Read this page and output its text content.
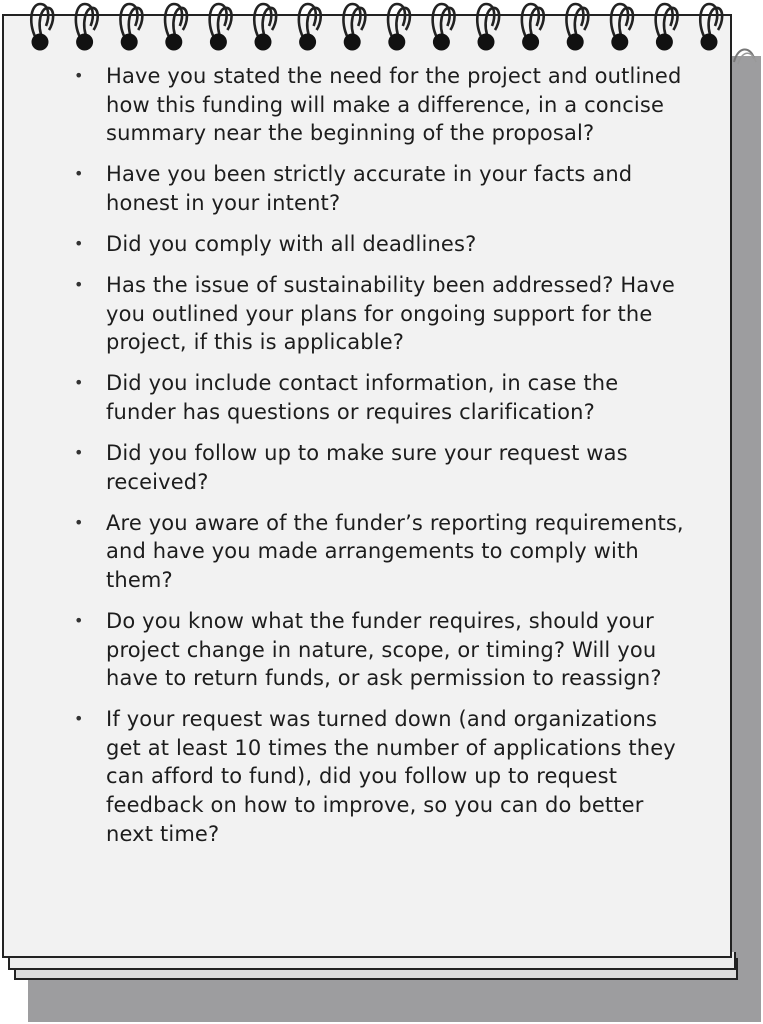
• Have you stated the need for the project and outlined how this funding will make a difference, in a concise summary near the beginning of the proposal?
• Have you been strictly accurate in your facts and honest in your intent?
• Did you comply with all deadlines?
• Has the issue of sustainability been addressed? Have you outlined your plans for ongoing support for the project, if this is applicable?
• Did you include contact information, in case the funder has questions or requires clarification?
• Did you follow up to make sure your request was received?
• Are you aware of the funder’s reporting requirements, and have you made arrangements to comply with them?
• Do you know what the funder requires, should your project change in nature, scope, or timing? Will you have to return funds, or ask permission to reassign?
• If your request was turned down (and organizations get at least 10 times the number of applications they can afford to fund), did you follow up to request feedback on how to improve, so you can do better next time?
